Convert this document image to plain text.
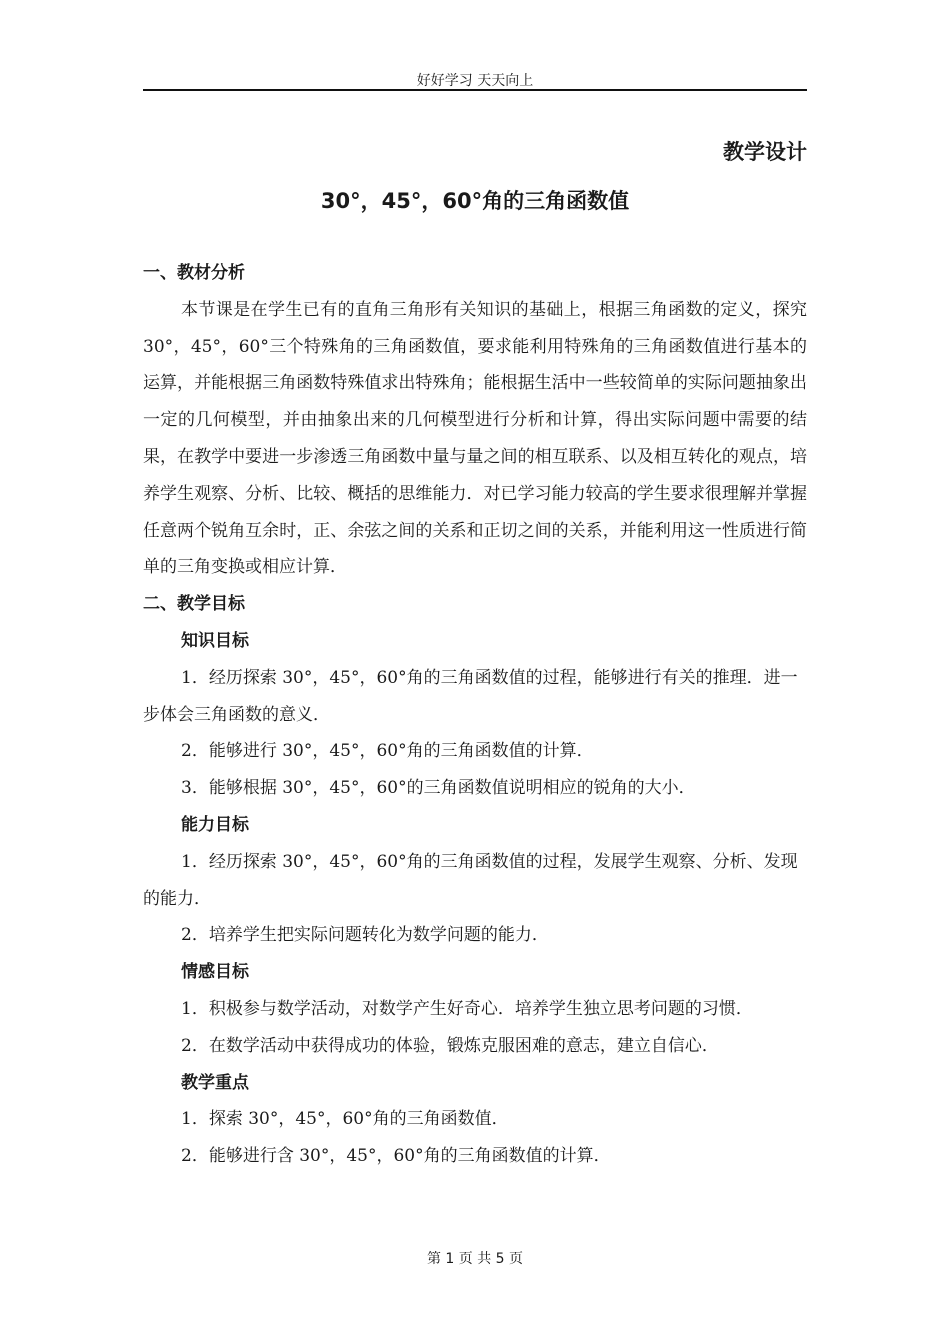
好好学习 天天向上
教学设计
30°，45°，60°角的三角函数值
一、教材分析
本节课是在学生已有的直角三角形有关知识的基础上，根据三角函数的定义，探究 30°，45°，60°三个特殊角的三角函数值，要求能利用特殊角的三角函数值进行基本的运算，并能根据三角函数特殊值求出特殊角；能根据生活中一些较简单的实际问题抽象出一定的几何模型，并由抽象出来的几何模型进行分析和计算，得出实际问题中需要的结果，在教学中要进一步渗透三角函数中量与量之间的相互联系、以及相互转化的观点，培养学生观察、分析、比较、概括的思维能力．对已学习能力较高的学生要求很理解并掌握任意两个锐角互余时，正、余弦之间的关系和正切之间的关系，并能利用这一性质进行简单的三角变换或相应计算．
二、教学目标
知识目标
1．经历探索 30°，45°，60°角的三角函数值的过程，能够进行有关的推理．进一步体会三角函数的意义．
2．能够进行 30°，45°，60°角的三角函数值的计算．
3．能够根据 30°，45°，60°的三角函数值说明相应的锐角的大小．
能力目标
1．经历探索 30°，45°，60°角的三角函数值的过程，发展学生观察、分析、发现的能力．
2．培养学生把实际问题转化为数学问题的能力．
情感目标
1．积极参与数学活动，对数学产生好奇心．培养学生独立思考问题的习惯．
2．在数学活动中获得成功的体验，锻炼克服困难的意志，建立自信心．
教学重点
1．探索 30°，45°，60°角的三角函数值．
2．能够进行含 30°，45°，60°角的三角函数值的计算．
第 1 页 共 5 页
